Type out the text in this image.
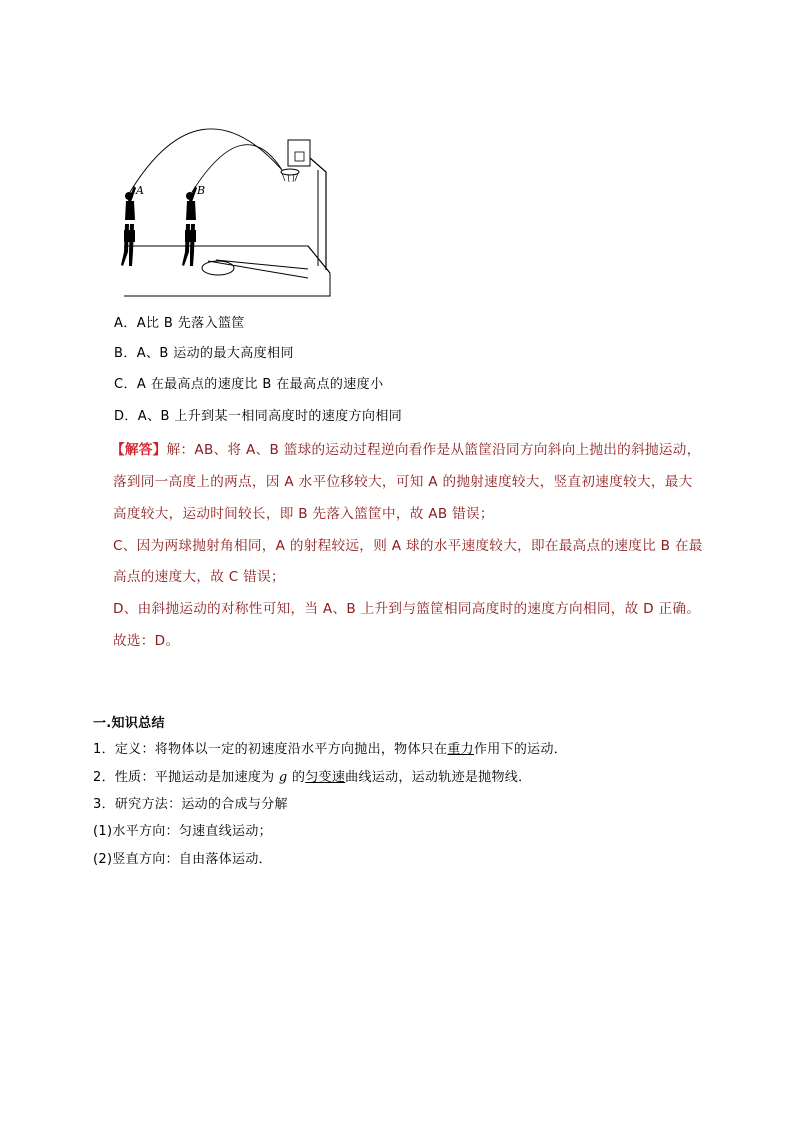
A	B
A．A比 B 先落入篮筐
B．A、B 运动的最大高度相同
C．A 在最高点的速度比 B 在最高点的速度小
D．A、B 上升到某一相同高度时的速度方向相同
【解答】解：AB、将 A、B 篮球的运动过程逆向看作是从篮筐沿同方向斜向上抛出的斜抛运动，
落到同一高度上的两点，因 A 水平位移较大，可知 A 的抛射速度较大，竖直初速度较大，最大
高度较大，运动时间较长，即 B 先落入篮筐中，故 AB 错误；
C、因为两球抛射角相同，A 的射程较远，则 A 球的水平速度较大，即在最高点的速度比 B 在最
高点的速度大，故 C 错误；
D、由斜抛运动的对称性可知，当 A、B 上升到与篮筐相同高度时的速度方向相同，故 D 正确。
故选：D。
一.知识总结
1．定义：将物体以一定的初速度沿水平方向抛出，物体只在重力作用下的运动．
2．性质：平抛运动是加速度为 g 的匀变速曲线运动，运动轨迹是抛物线．
3．研究方法：运动的合成与分解
(1)水平方向：匀速直线运动；
(2)竖直方向：自由落体运动．
